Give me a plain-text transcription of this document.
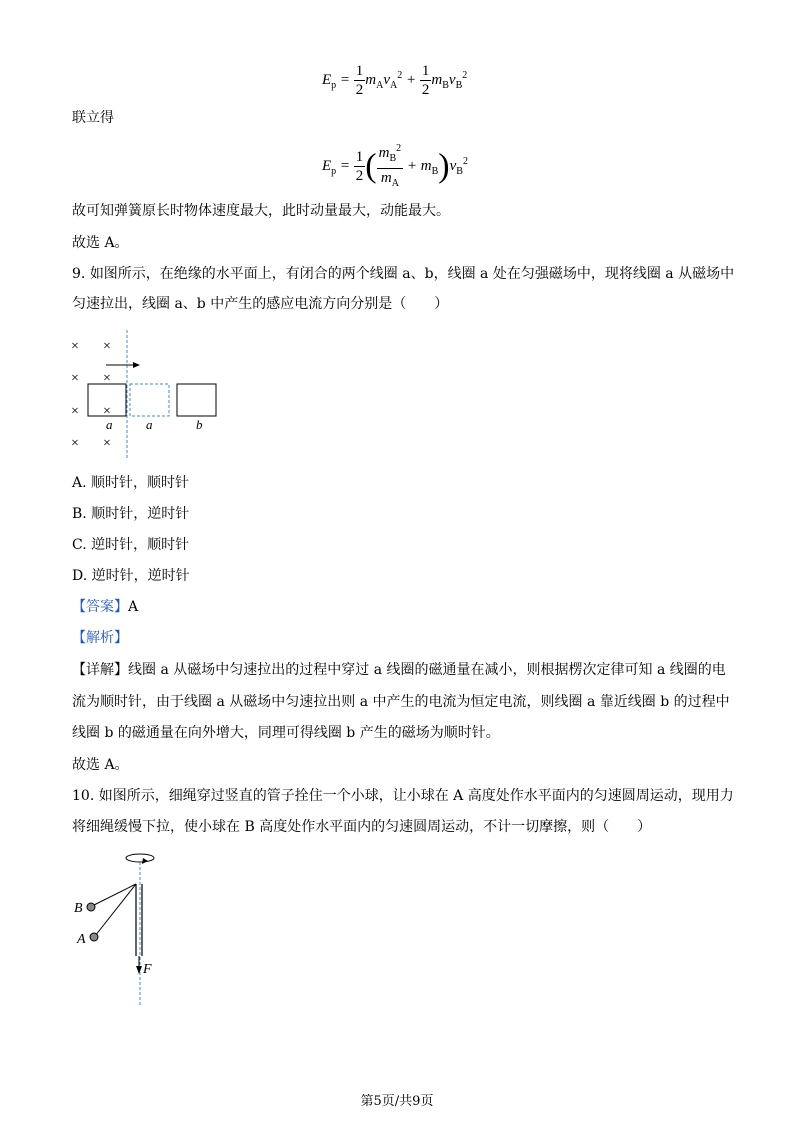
$E_p = \frac{1}{2} m_Av_A^2 + \frac{1}{2} m_Bv_B^2$
联立得
$E_p = \frac{1}{2}$ ( $\frac{m_B^2}{m_A} + m_B)v_B^2$
故可知弹簧原长时物体速度最大，此时动量最大，动能最大。
故选 A。
9. 如图所示，在绝缘的水平面上，有闭合的两个线圈 a、b，线圈 a 处在匀强磁场中，现将线圈 a 从磁场中
匀速拉出，线圈 a、b 中产生的感应电流方向分别是（　　）
× ×
× ×
× ×
× ×
a	a	b
A. 顺时针，顺时针
B. 顺时针，逆时针
C. 逆时针，顺时针
D. 逆时针，逆时针
【答案】A
【解析】
【详解】线圈 a 从磁场中匀速拉出的过程中穿过 a 线圈的磁通量在减小，则根据楞次定律可知 a 线圈的电
流为顺时针，由于线圈 a 从磁场中匀速拉出则 a 中产生的电流为恒定电流，则线圈 a 靠近线圈 b 的过程中
线圈 b 的磁通量在向外增大，同理可得线圈 b 产生的磁场为顺时针。
故选 A。
10. 如图所示，细绳穿过竖直的管子拴住一个小球，让小球在 A 高度处作水平面内的匀速圆周运动，现用力
将细绳缓慢下拉，使小球在 B 高度处作水平面内的匀速圆周运动，不计一切摩擦，则（　　）
B
A
F
第5页/共9页
